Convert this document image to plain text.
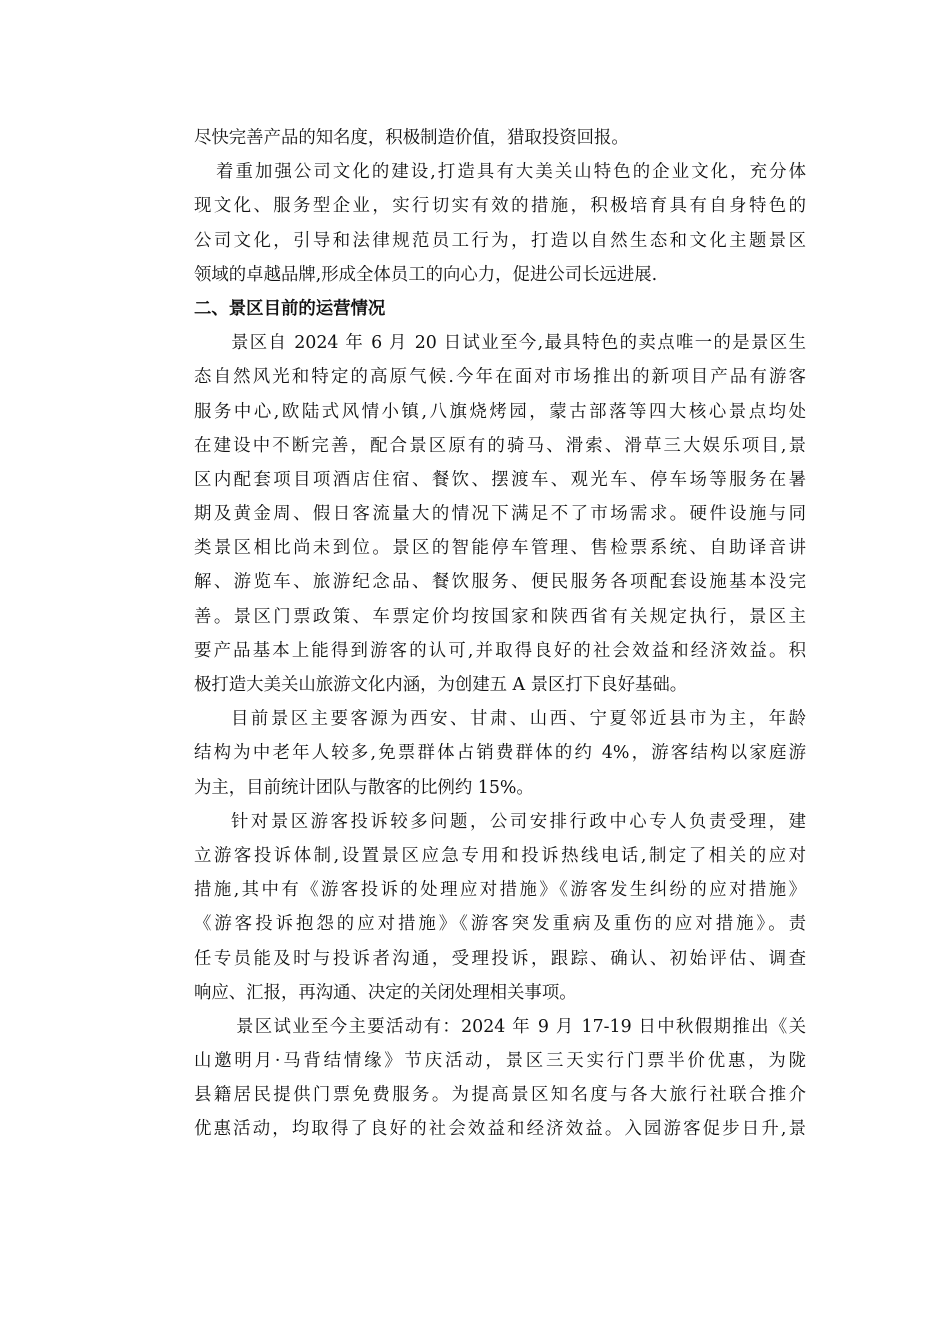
尽快完善产品的知名度，积极制造价值，猎取投资回报。
着重加强公司文化的建设,打造具有大美关山特色的企业文化，充分体
现文化、服务型企业，实行切实有效的措施，积极培育具有自身特色的
公司文化，引导和法律规范员工行为，打造以自然生态和文化主题景区
领域的卓越品牌,形成全体员工的向心力，促进公司长远进展.
二、景区目前的运营情况
景区自 2024 年 6 月 20 日试业至今,最具特色的卖点唯一的是景区生
态自然风光和特定的高原气候.今年在面对市场推出的新项目产品有游客
服务中心,欧陆式风情小镇,八旗烧烤园，蒙古部落等四大核心景点均处
在建设中不断完善，配合景区原有的骑马、滑索、滑草三大娱乐项目,景
区内配套项目项酒店住宿、餐饮、摆渡车、观光车、停车场等服务在暑
期及黄金周、假日客流量大的情况下满足不了市场需求。硬件设施与同
类景区相比尚未到位。景区的智能停车管理、售检票系统、自助译音讲
解、游览车、旅游纪念品、餐饮服务、便民服务各项配套设施基本没完
善。景区门票政策、车票定价均按国家和陕西省有关规定执行，景区主
要产品基本上能得到游客的认可,并取得良好的社会效益和经济效益。积
极打造大美关山旅游文化内涵，为创建五 A 景区打下良好基础。
目前景区主要客源为西安、甘肃、山西、宁夏邻近县市为主，年龄
结构为中老年人较多,免票群体占销费群体的约 4%，游客结构以家庭游
为主，目前统计团队与散客的比例约 15%。
针对景区游客投诉较多问题，公司安排行政中心专人负责受理，建
立游客投诉体制,设置景区应急专用和投诉热线电话,制定了相关的应对
措施,其中有《游客投诉的处理应对措施》《游客发生纠纷的应对措施》
《游客投诉抱怨的应对措施》《游客突发重病及重伤的应对措施》。责
任专员能及时与投诉者沟通，受理投诉，跟踪、确认、初始评估、调查
响应、汇报，再沟通、决定的关闭处理相关事项。
景区试业至今主要活动有：2024 年 9 月 17-19 日中秋假期推出《关
山邀明月·马背结情缘》节庆活动，景区三天实行门票半价优惠，为陇
县籍居民提供门票免费服务。为提高景区知名度与各大旅行社联合推介
优惠活动，均取得了良好的社会效益和经济效益。入园游客促步日升,景
